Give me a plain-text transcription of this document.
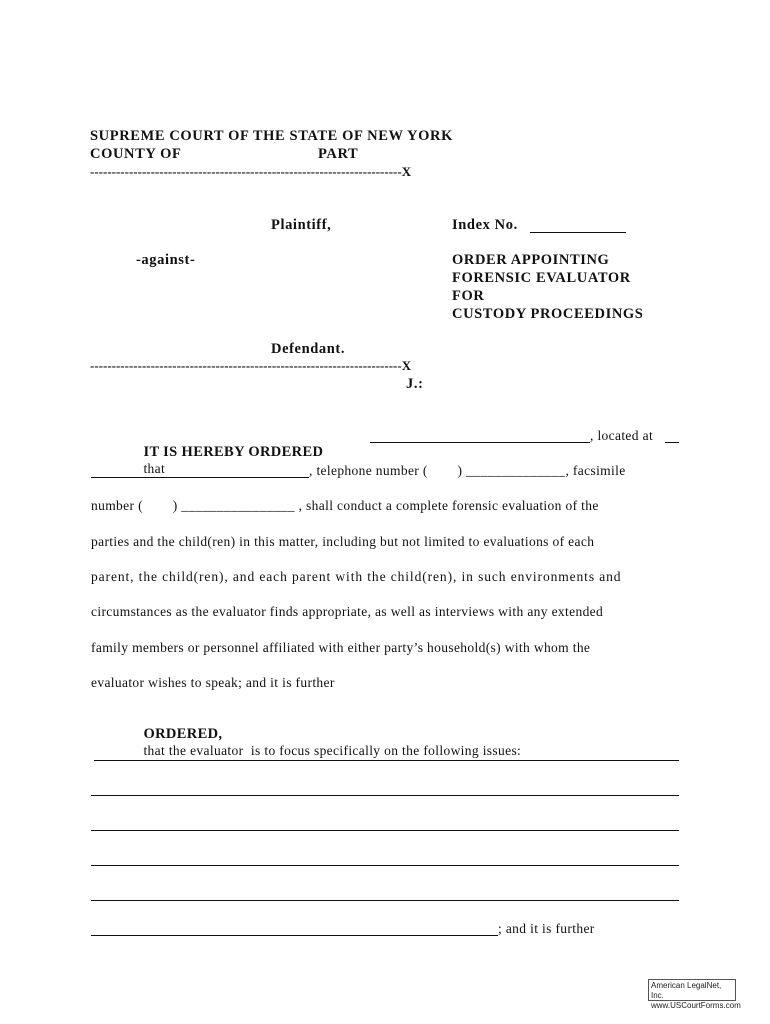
SUPREME COURT OF THE STATE OF NEW YORK
COUNTY OF	PART
------------------------------------------------------------------------X
Plaintiff,	Index No.
-against-	ORDER APPOINTING
FORENSIC EVALUATOR
FOR
CUSTODY PROCEEDINGS
Defendant.
------------------------------------------------------------------------X
J.:

IT IS HEREBY ORDERED
that

, located at
, telephone number (        ) ______________, facsimile
number (        ) ________________ , shall conduct a complete forensic evaluation of the
parties and the child(ren) in this matter, including but not limited to evaluations of each
parent, the child(ren), and each parent with the child(ren), in such environments and
circumstances as the evaluator finds appropriate, as well as interviews with any extended
family members or personnel affiliated with either party’s household(s) with whom the
evaluator wishes to speak; and it is further

ORDERED,
that the evaluator  is to focus specifically on the following issues:

; and it is further
American LegalNet, Inc.
www.USCourtForms.com
